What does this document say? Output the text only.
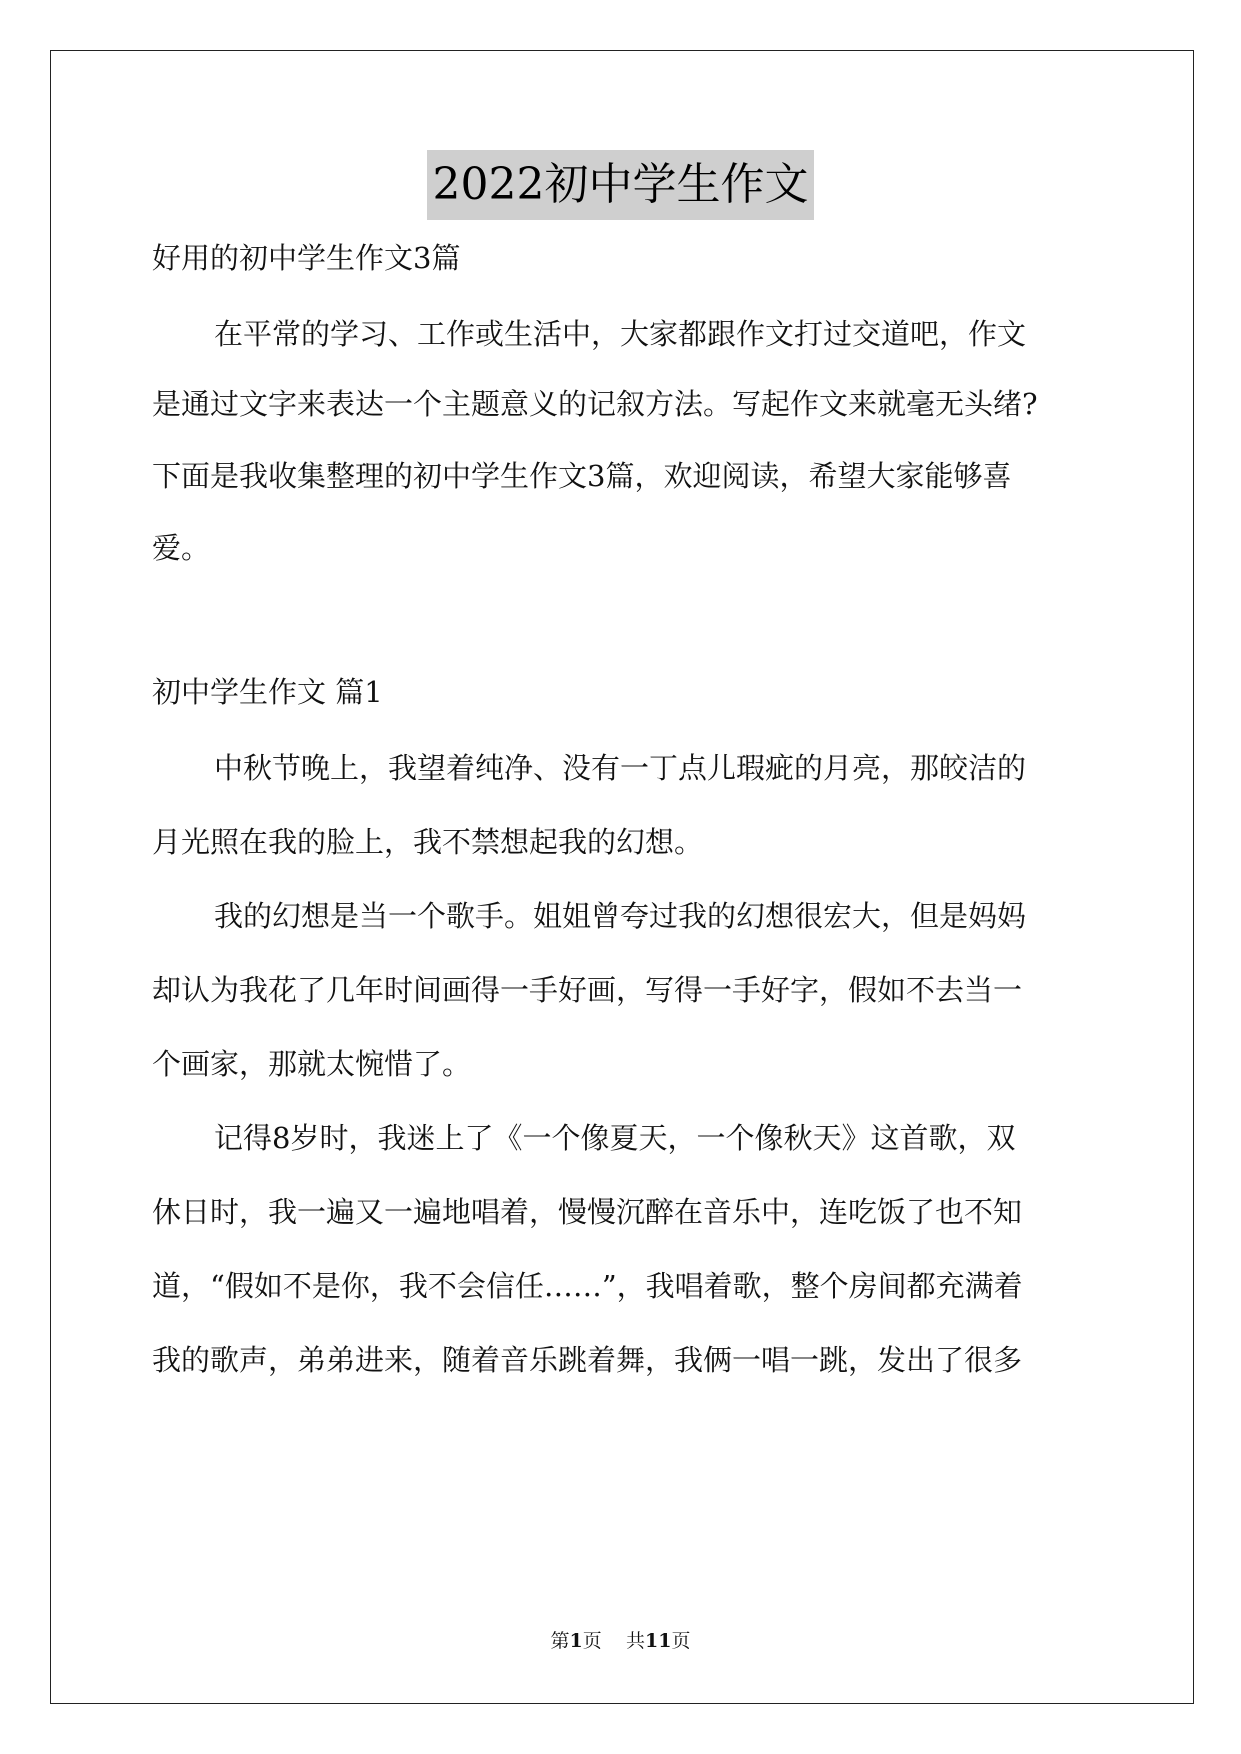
2022初中学生作文
好用的初中学生作文3篇
在平常的学习、工作或生活中，大家都跟作文打过交道吧，作文
是通过文字来表达一个主题意义的记叙方法。写起作文来就毫无头绪?
下面是我收集整理的初中学生作文3篇，欢迎阅读，希望大家能够喜
爱。
初中学生作文 篇1
中秋节晚上，我望着纯净、没有一丁点儿瑕疵的月亮，那皎洁的
月光照在我的脸上，我不禁想起我的幻想。
我的幻想是当一个歌手。姐姐曾夸过我的幻想很宏大，但是妈妈
却认为我花了几年时间画得一手好画，写得一手好字，假如不去当一
个画家，那就太惋惜了。
记得8岁时，我迷上了《一个像夏天，一个像秋天》这首歌，双
休日时，我一遍又一遍地唱着，慢慢沉醉在音乐中，连吃饭了也不知
道，“假如不是你，我不会信任……”，我唱着歌，整个房间都充满着
我的歌声，弟弟进来，随着音乐跳着舞，我俩一唱一跳，发出了很多
第1页 共11页
